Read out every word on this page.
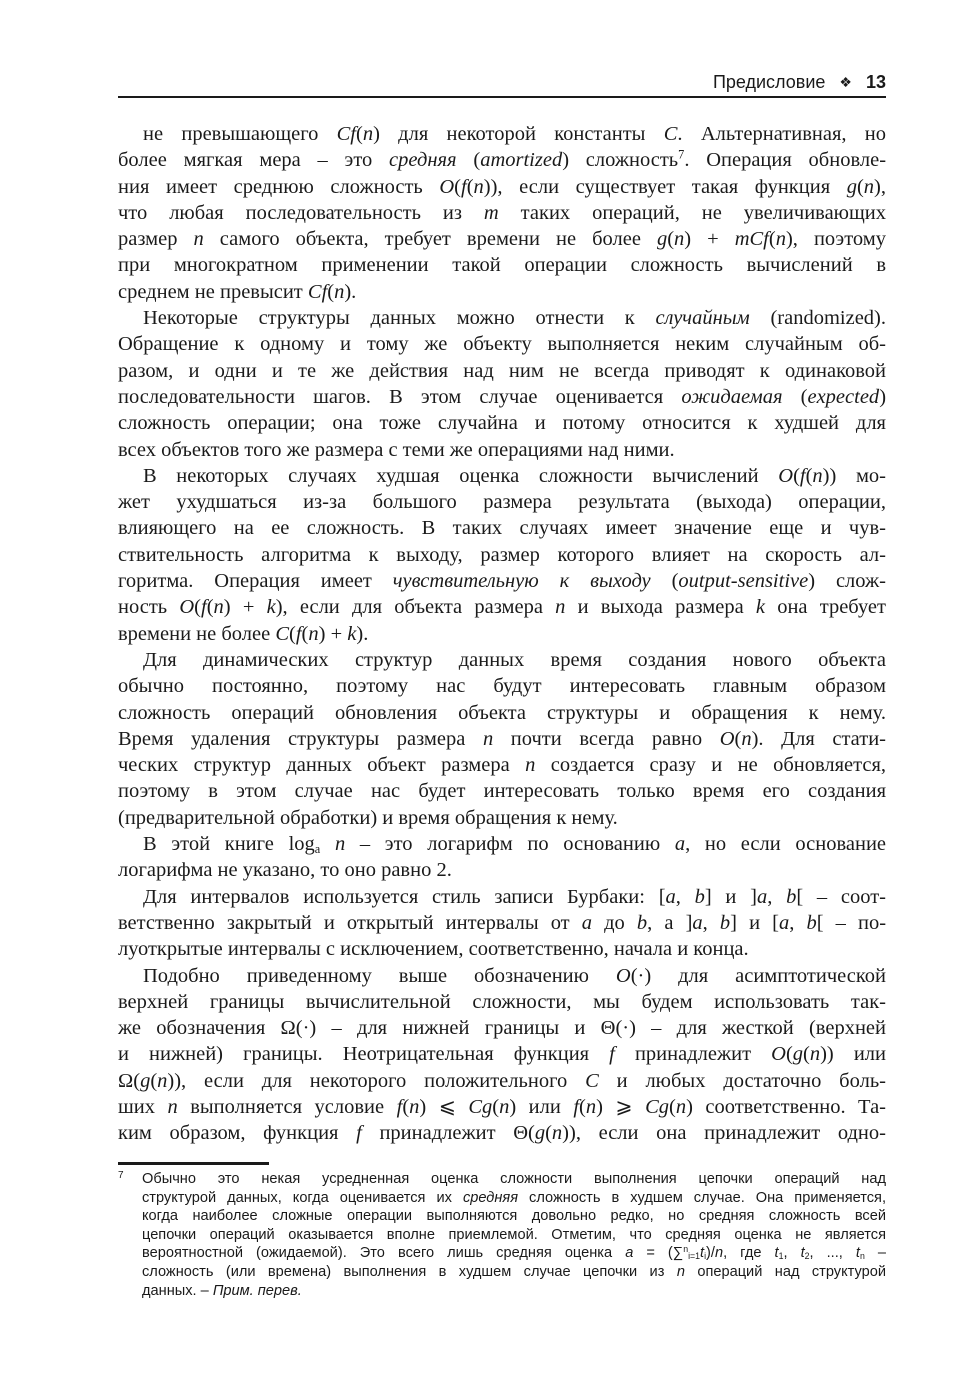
Предисловие ❖ 13
не превышающего Cf(n) для некоторой константы C. Альтернативная, но
более мягкая мера – это средняя (amortized) сложность$^7$. Операция обновле-
ния имеет среднюю сложность O(f(n)), если существует такая функция g(n),
что любая последовательность из m таких операций, не увеличивающих
размер n самого объекта, требует времени не более g(n) + mCf(n), поэтому
при многократном применении такой операции сложность вычислений в
среднем не превысит Cf(n).
Некоторые структуры данных можно отнести к случайным (randomized).
Обращение к одному и тому же объекту выполняется неким случайным об-
разом, и одни и те же действия над ним не всегда приводят к одинаковой
последовательности шагов. В этом случае оценивается ожидаемая (expected)
сложность операции; она тоже случайна и потому относится к худшей для
всех объектов того же размера с теми же операциями над ними.
В некоторых случаях худшая оценка сложности вычислений O(f(n)) мо-
жет ухудшаться из-за большого размера результата (выхода) операции,
влияющего на ее сложность. В таких случаях имеет значение еще и чув-
ствительность алгоритма к выходу, размер которого влияет на скорость ал-
горитма. Операция имеет чувствительную к выходу (output-sensitive) слож-
ность O(f(n) + k), если для объекта размера n и выхода размера k она требует
времени не более C(f(n) + k).
Для динамических структур данных время создания нового объекта
обычно постоянно, поэтому нас будут интересовать главным образом
сложность операций обновления объекта структуры и обращения к нему.
Время удаления структуры размера n почти всегда равно O(n). Для стати-
ческих структур данных объект размера n создается сразу и не обновляется,
поэтому в этом случае нас будет интересовать только время его создания
(предварительной обработки) и время обращения к нему.
В этой книге $\log_a n$ – это логарифм по основанию a, но если основание
логарифма не указано, то оно равно 2.
Для интервалов используется стиль записи Бурбаки: [a, b] и ]a, b[ – соот-
ветственно закрытый и открытый интервалы от a до b, а ]a, b] и [a, b[ – по-
луоткрытые интервалы с исключением, соответственно, начала и конца.
Подобно приведенному выше обозначению O(·) для асимптотической
верхней границы вычислительной сложности, мы будем использовать так-
же обозначения Ω(·) – для нижней границы и Θ(·) – для жесткой (верхней
и нижней) границы. Неотрицательная функция f принадлежит O(g(n)) или
Ω(g(n)), если для некоторого положительного C и любых достаточно боль-
ших n выполняется условие f(n) ⩽ Cg(n) или f(n) ⩾ Cg(n) соответственно. Та-
ким образом, функция f принадлежит Θ(g(n)), если она принадлежит одно-
7 Обычно это некая усредненная оценка сложности выполнения цепочки операций над
структурой данных, когда оценивается их средняя сложность в худшем случае. Она применяется,
когда наиболее сложные операции выполняются довольно редко, но средняя сложность всей
цепочки операций оказывается вполне приемлемой. Отметим, что средняя оценка не является
вероятностной (ожидаемой). Это всего лишь средняя оценка $a = (\sum^n_{i=1}t_i)/n$, где $t_1$, $t_2$, ..., $t_n$ –
сложность (или времена) выполнения в худшем случае цепочки из n операций над структурой
данных. – Прим. перев.
